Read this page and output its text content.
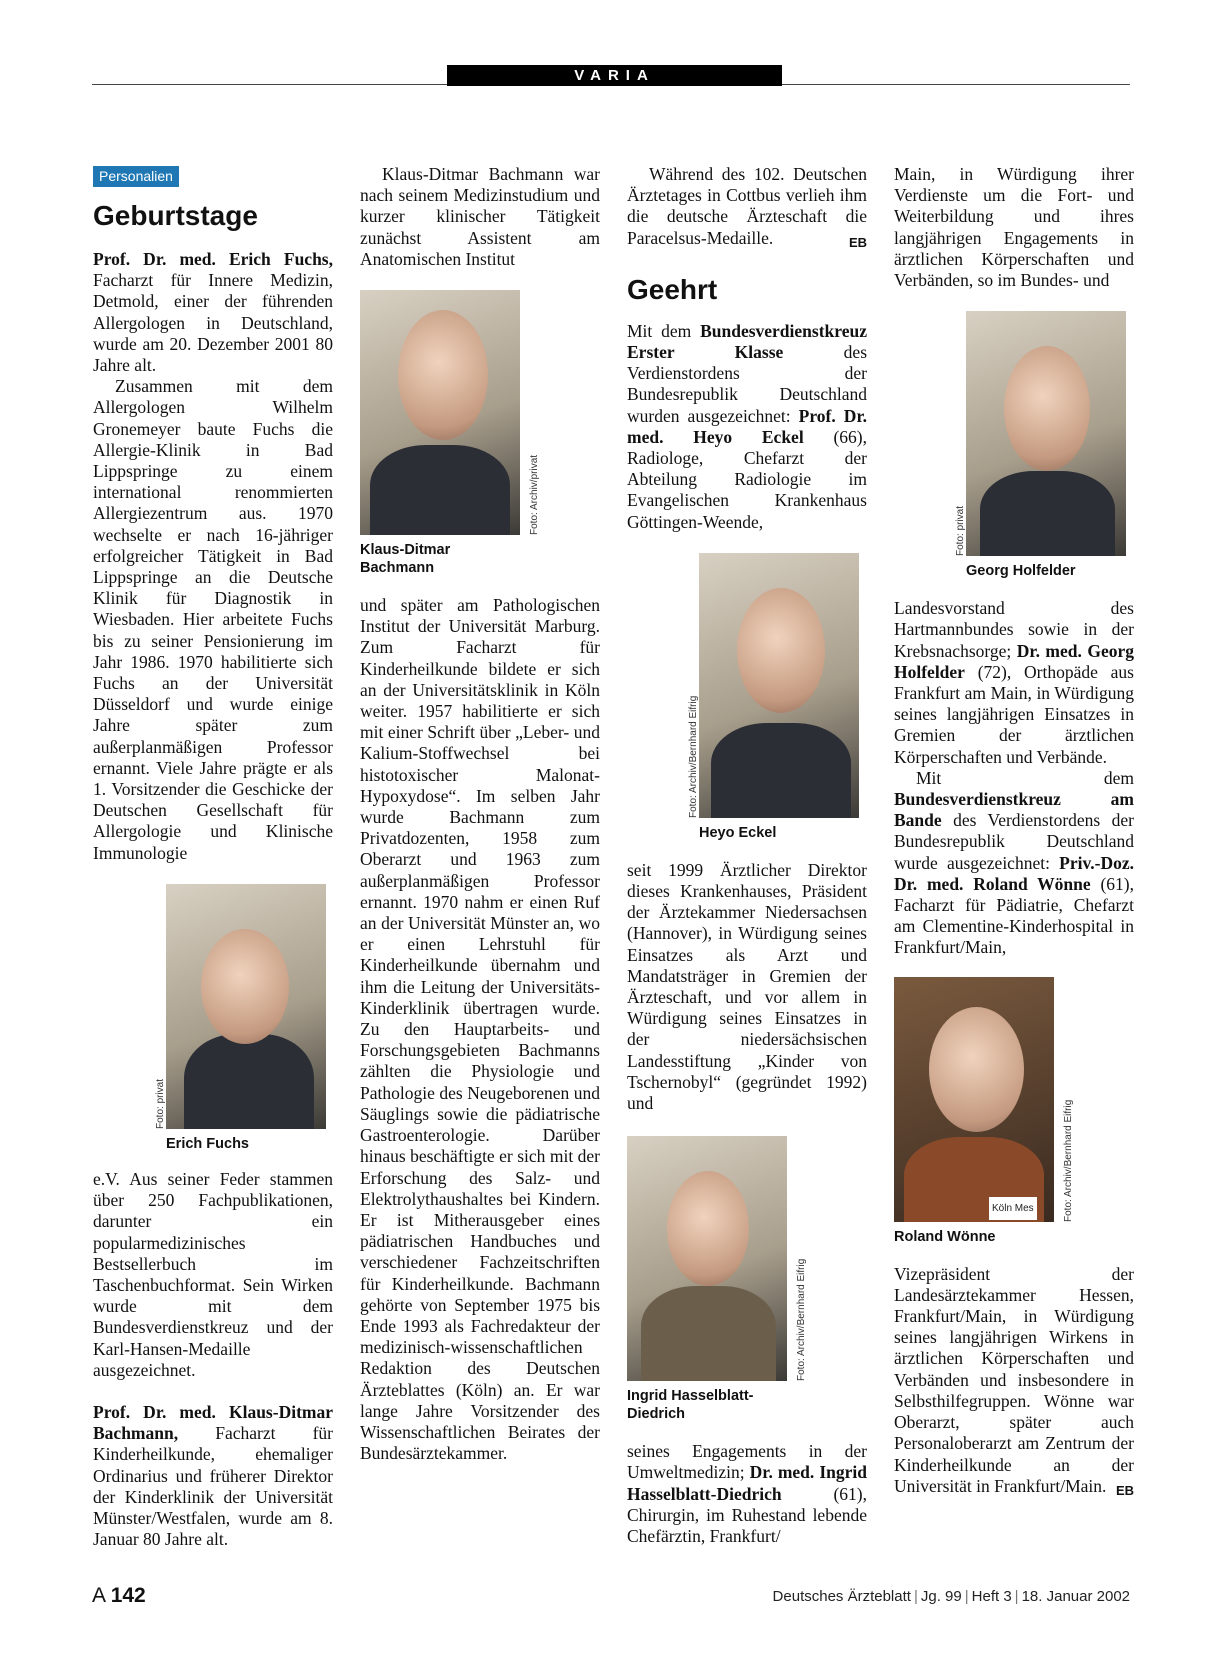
VARIA
Personalien
Geburtstage

Prof. Dr. med. Erich Fuchs, Facharzt für Innere Medizin, Detmold, einer der führenden Allergologen in Deutschland, wurde am 20. Dezember 2001 80 Jahre alt.

Zusammen mit dem Allergologen Wilhelm Gronemeyer baute Fuchs die Allergie-Klinik in Bad Lippspringe zu einem international renommierten Allergiezentrum aus. 1970 wechselte er nach 16-jähriger erfolgreicher Tätigkeit in Bad Lippspringe an die Deutsche Klinik für Diagnostik in Wiesbaden. Hier arbeitete Fuchs bis zu seiner Pensionierung im Jahr 1986. 1970 habilitierte sich Fuchs an der Universität Düsseldorf und wurde einige Jahre später zum außerplanmäßigen Professor ernannt. Viele Jahre prägte er als 1. Vorsitzender die Geschicke der Deutschen Gesellschaft für Allergologie und Klinische Immunologie

Foto: privat
Erich Fuchs

e.V. Aus seiner Feder stammen über 250 Fachpublikationen, darunter ein popularmedizinisches Bestsellerbuch im Taschenbuchformat. Sein Wirken wurde mit dem Bundesverdienstkreuz und der Karl-Hansen-Medaille ausgezeichnet.

Prof. Dr. med. Klaus-Ditmar Bachmann, Facharzt für Kinderheilkunde, ehemaliger Ordinarius und früherer Direktor der Kinderklinik der Universität Münster/Westfalen, wurde am 8. Januar 80 Jahre alt.

Klaus-Ditmar Bachmann war nach seinem Medizinstudium und kurzer klinischer Tätigkeit zunächst Assistent am Anatomischen Institut

Foto: Archiv/privat
Klaus-Ditmar Bachmann

und später am Pathologischen Institut der Universität Marburg. Zum Facharzt für Kinderheilkunde bildete er sich an der Universitätsklinik in Köln weiter. 1957 habilitierte er sich mit einer Schrift über „Leber- und Kalium-Stoffwechsel bei histotoxischer Malonat-Hypoxydose“. Im selben Jahr wurde Bachmann zum Privatdozenten, 1958 zum Oberarzt und 1963 zum außerplanmäßigen Professor ernannt. 1970 nahm er einen Ruf an der Universität Münster an, wo er einen Lehrstuhl für Kinderheilkunde übernahm und ihm die Leitung der Universitäts-Kinderklinik übertragen wurde. Zu den Hauptarbeits- und Forschungsgebieten Bachmanns zählten die Physiologie und Pathologie des Neugeborenen und Säuglings sowie die pädiatrische Gastroenterologie. Darüber hinaus beschäftigte er sich mit der Erforschung des Salz- und Elektrolythaushaltes bei Kindern. Er ist Mitherausgeber eines pädiatrischen Handbuches und verschiedener Fachzeitschriften für Kinderheilkunde. Bachmann gehörte von September 1975 bis Ende 1993 als Fachredakteur der medizinisch-wissenschaftlichen Redaktion des Deutschen Ärzteblattes (Köln) an. Er war lange Jahre Vorsitzender des Wissenschaftlichen Beirates der Bundesärztekammer.

Während des 102. Deutschen Ärztetages in Cottbus verlieh ihm die deutsche Ärzteschaft die Paracelsus-Medaille.	EB

Geehrt

Mit dem Bundesverdienstkreuz Erster Klasse des Verdienstordens der Bundesrepublik Deutschland wurden ausgezeichnet: Prof. Dr. med. Heyo Eckel (66), Radiologe, Chefarzt der Abteilung Radiologie im Evangelischen Krankenhaus Göttingen-Weende,

Foto: Archiv/Bernhard Eifrig
Heyo Eckel

seit 1999 Ärztlicher Direktor dieses Krankenhauses, Präsident der Ärztekammer Niedersachsen (Hannover), in Würdigung seines Einsatzes als Arzt und Mandatsträger in Gremien der Ärzteschaft, und vor allem in Würdigung seines Einsatzes in der niedersächsischen Landesstiftung „Kinder von Tschernobyl“ (gegründet 1992) und

Foto: Archiv/Bernhard Eifrig
Ingrid Hasselblatt-Diedrich

seines Engagements in der Umweltmedizin; Dr. med. Ingrid Hasselblatt-Diedrich (61), Chirurgin, im Ruhestand lebende Chefärztin, Frankfurt/

Main, in Würdigung ihrer Verdienste um die Fort- und Weiterbildung und ihres langjährigen Engagements in ärztlichen Körperschaften und Verbänden, so im Bundes- und

Foto: privat
Georg Holfelder

Landesvorstand des Hartmannbundes sowie in der Krebsnachsorge; Dr. med. Georg Holfelder (72), Orthopäde aus Frankfurt am Main, in Würdigung seines langjährigen Einsatzes in Gremien der ärztlichen Körperschaften und Verbände.

Mit dem Bundesverdienstkreuz am Bande des Verdienstordens der Bundesrepublik Deutschland wurde ausgezeichnet: Priv.-Doz. Dr. med. Roland Wönne (61), Facharzt für Pädiatrie, Chefarzt am Clementine-Kinderhospital in Frankfurt/Main,

Köln Mes	Foto: Archiv/Bernhard Eifrig
Roland Wönne

Vizepräsident der Landesärztekammer Hessen, Frankfurt/Main, in Würdigung seines langjährigen Wirkens in ärztlichen Körperschaften und Verbänden und insbesondere in Selbsthilfegruppen. Wönne war Oberarzt, später auch Personaloberarzt am Zentrum der Kinderheilkunde an der Universität in Frankfurt/Main. EB

A 142	Deutsches Ärzteblatt | Jg. 99 | Heft 3 | 18. Januar 2002
